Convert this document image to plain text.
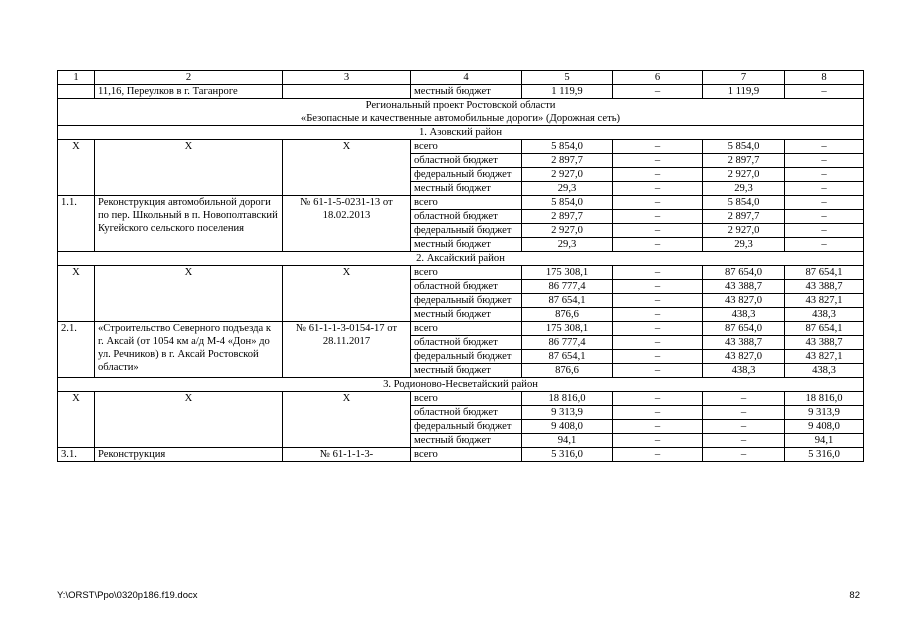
1	2	3	4	5	6	7	8
	11,16, Переулков в г. Таганроге		местный бюджет	1 119,9	–	1 119,9	–
Региональный проект Ростовской области							
«Безопасные и качественные автомобильные дороги» (Дорожная сеть)							
1. Азовский район							
Х	Х	Х	всего	5 854,0	–	5 854,0	–
			областной бюджет	2 897,7	–	2 897,7	–
			федеральный бюджет	2 927,0	–	2 927,0	–
			местный бюджет	29,3	–	29,3	–
1.1.	Реконструкция автомобильной дороги по пер. Школьный в п. Новополтавский Кугейского сельского поселения	№ 61-1-5-0231-13 от 18.02.2013	всего	5 854,0	–	5 854,0	–
			областной бюджет	2 897,7	–	2 897,7	–
			федеральный бюджет	2 927,0	–	2 927,0	–
			местный бюджет	29,3	–	29,3	–
2. Аксайский район							
Х	Х	Х	всего	175 308,1	–	87 654,0	87 654,1
			областной бюджет	86 777,4	–	43 388,7	43 388,7
			федеральный бюджет	87 654,1	–	43 827,0	43 827,1
			местный бюджет	876,6	–	438,3	438,3
2.1.	«Строительство Северного подъезда к г. Аксай (от 1054 км а/д М-4 «Дон» до ул. Речников) в г. Аксай Ростовской области»	№ 61-1-1-3-0154-17 от 28.11.2017	всего	175 308,1	–	87 654,0	87 654,1
			областной бюджет	86 777,4	–	43 388,7	43 388,7
			федеральный бюджет	87 654,1	–	43 827,0	43 827,1
			местный бюджет	876,6	–	438,3	438,3
3. Родионово-Несветайский район							
Х	Х	Х	всего	18 816,0	–	–	18 816,0
			областной бюджет	9 313,9	–	–	9 313,9
			федеральный бюджет	9 408,0	–	–	9 408,0
			местный бюджет	94,1	–	–	94,1
3.1.	Реконструкция	№ 61-1-1-3-	всего	5 316,0	–	–	5 316,0
Y:\ORST\Ppo\0320p186.f19.docx	82
